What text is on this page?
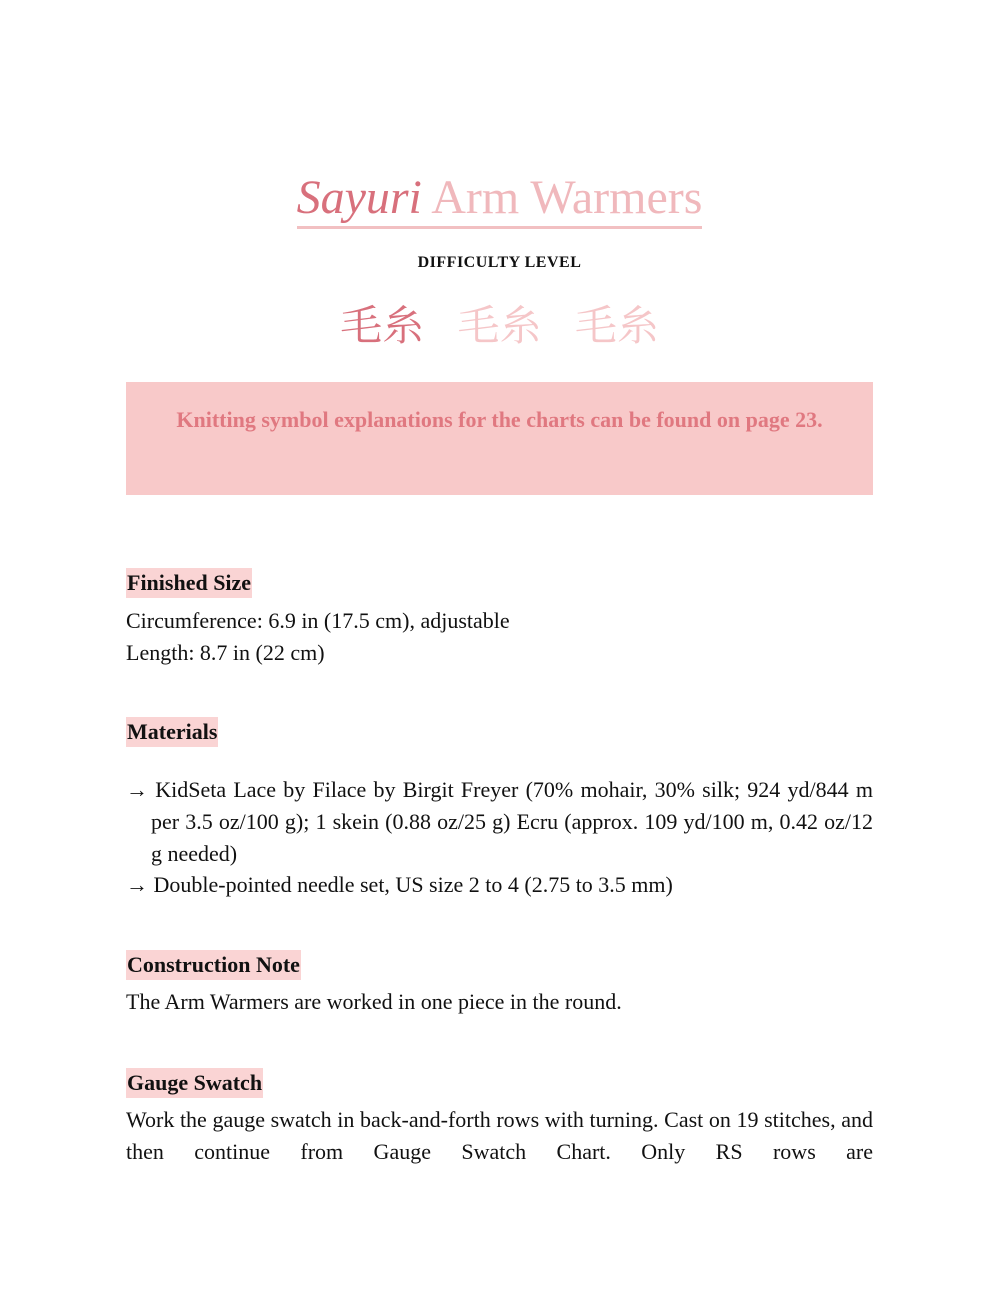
Sayuri Arm Warmers
DIFFICULTY LEVEL
毛糸 毛糸 毛糸
Knitting symbol explanations for the charts can be found on page 23.
Finished Size
Circumference: 6.9 in (17.5 cm), adjustable
Length: 8.7 in (22 cm)
Materials
→ KidSeta Lace by Filace by Birgit Freyer (70% mohair, 30% silk; 924 yd/844 m per 3.5 oz/100 g); 1 skein (0.88 oz/25 g) Ecru (approx. 109 yd/100 m, 0.42 oz/12 g needed)
→ Double-pointed needle set, US size 2 to 4 (2.75 to 3.5 mm)
Construction Note
The Arm Warmers are worked in one piece in the round.
Gauge Swatch
Work the gauge swatch in back-and-forth rows with turning. Cast on 19 stitches, and then continue from Gauge Swatch Chart. Only RS rows are
